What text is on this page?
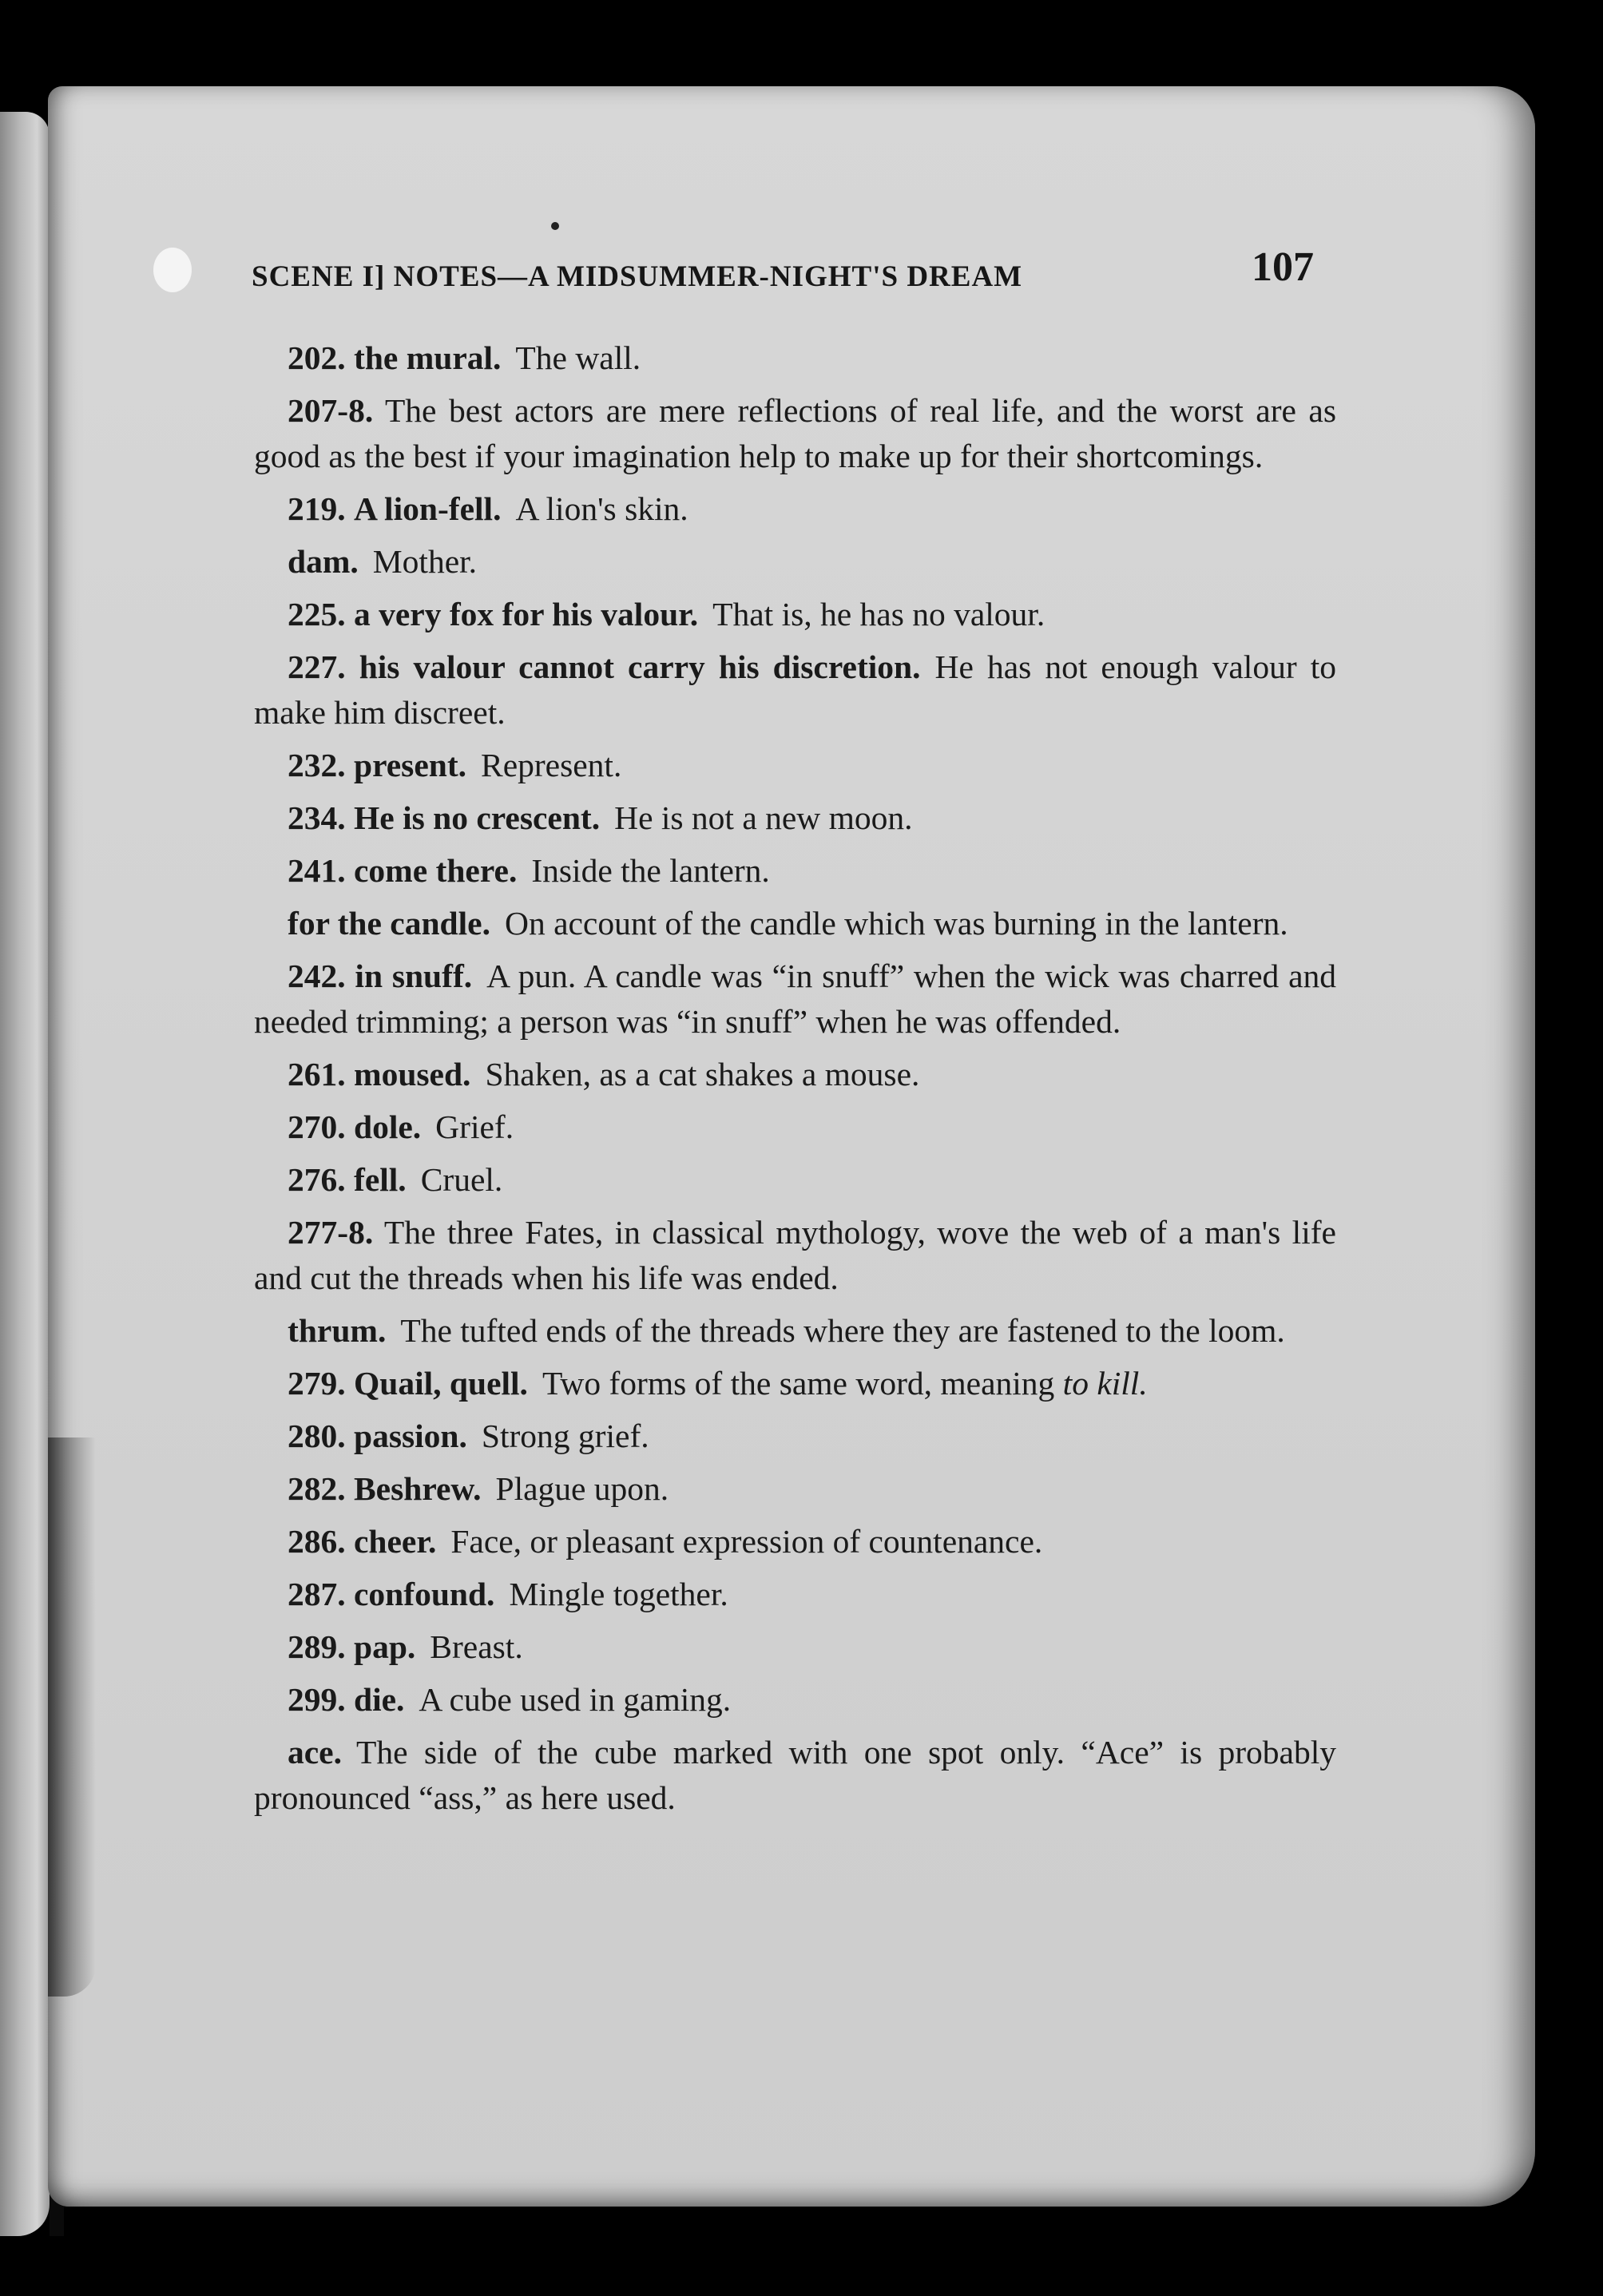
SCENE I] NOTES—A MIDSUMMER-NIGHT'S DREAM	107

202. the mural. The wall.

207-8. The best actors are mere reflections of real life, and the worst are as good as the best if your imagination help to make up for their shortcomings.

219. A lion-fell. A lion's skin.

dam. Mother.

225. a very fox for his valour. That is, he has no valour.

227. his valour cannot carry his discretion. He has not enough valour to make him discreet.

232. present. Represent.

234. He is no crescent. He is not a new moon.

241. come there. Inside the lantern.

for the candle. On account of the candle which was burning in the lantern.

242. in snuff. A pun. A candle was “in snuff” when the wick was charred and needed trimming; a person was “in snuff” when he was offended.

261. moused. Shaken, as a cat shakes a mouse.

270. dole. Grief.

276. fell. Cruel.

277-8. The three Fates, in classical mythology, wove the web of a man's life and cut the threads when his life was ended.

thrum. The tufted ends of the threads where they are fastened to the loom.

279. Quail, quell. Two forms of the same word, meaning to kill.

280. passion. Strong grief.

282. Beshrew. Plague upon.

286. cheer. Face, or pleasant expression of countenance.

287. confound. Mingle together.

289. pap. Breast.

299. die. A cube used in gaming.

ace. The side of the cube marked with one spot only. “Ace” is probably pronounced “ass,” as here used.
